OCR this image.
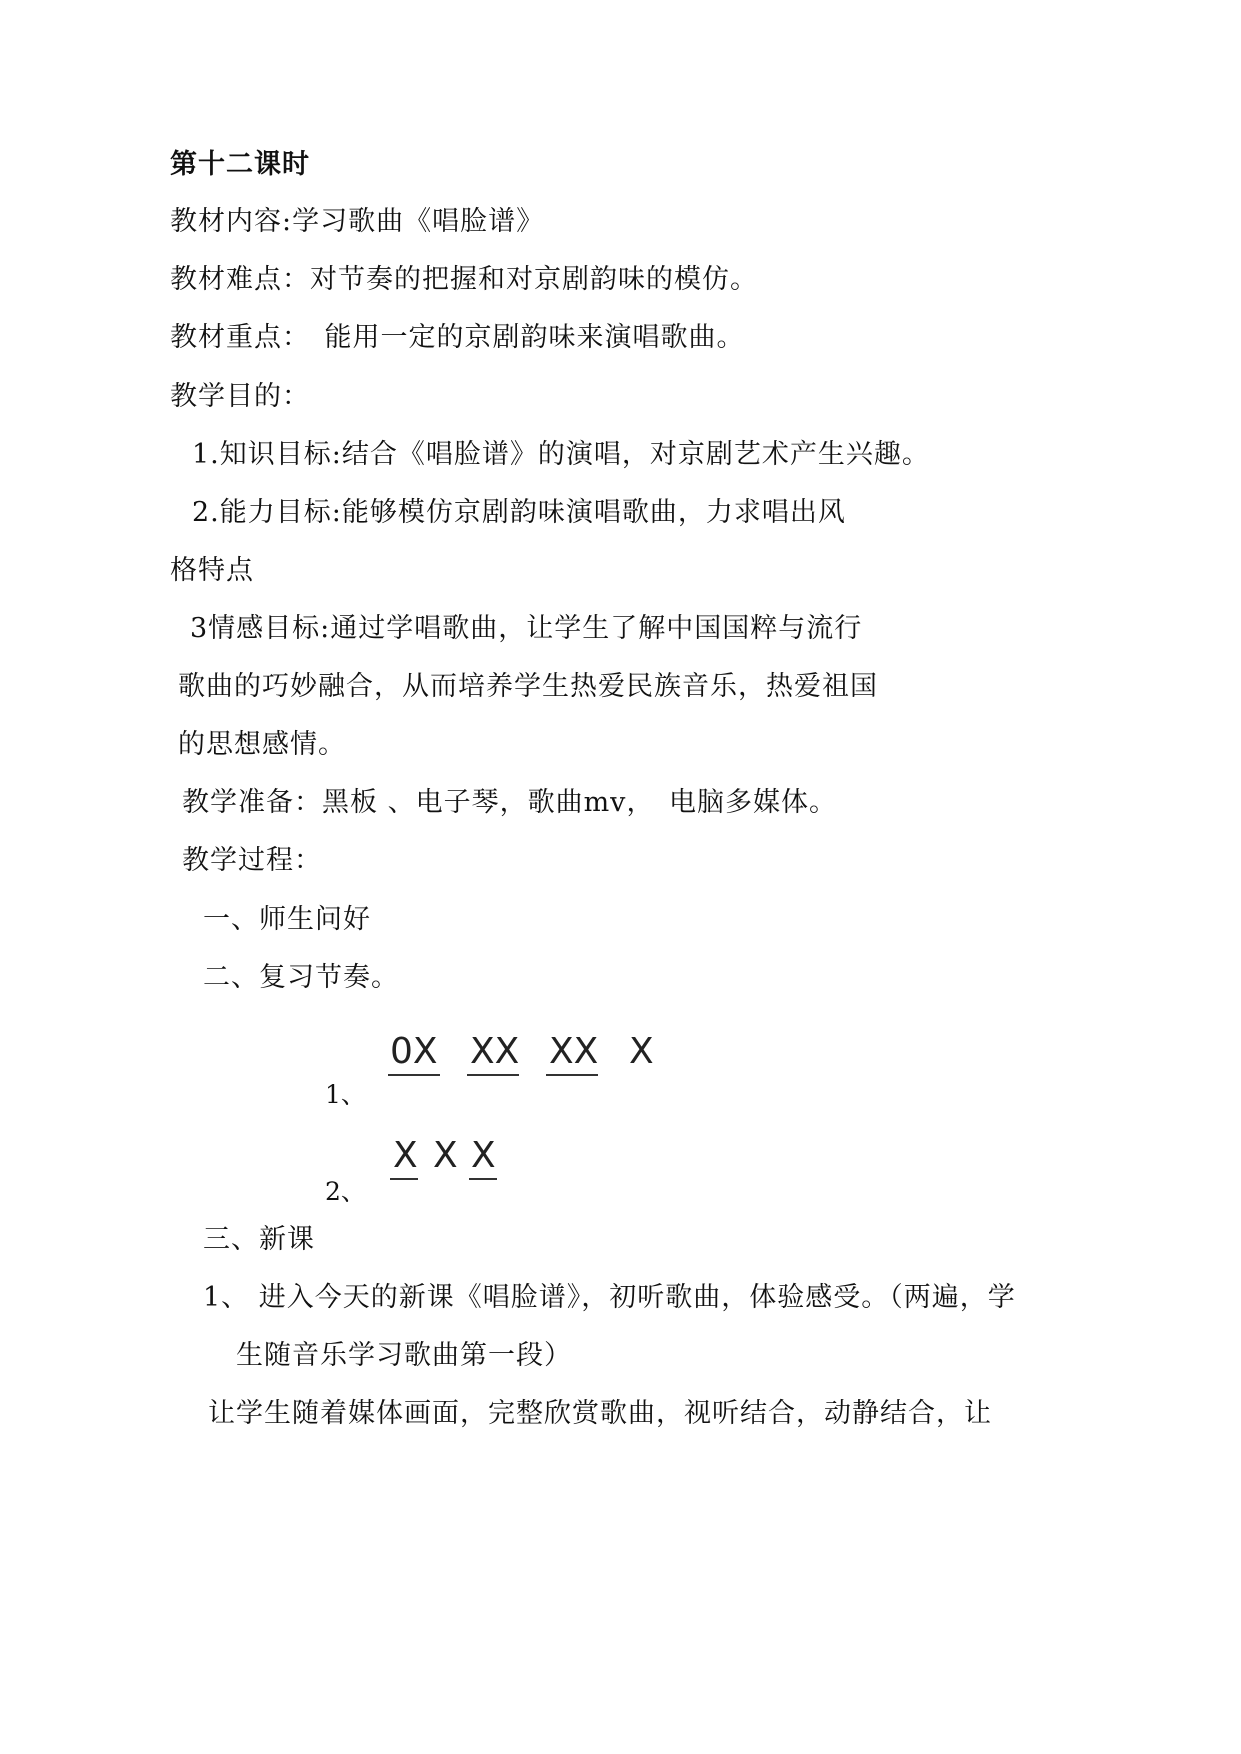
第十二课时
教材内容:学习歌曲《唱脸谱》
教材难点：对节奏的把握和对京剧韵味的模仿。
教材重点：　能用一定的京剧韵味来演唱歌曲。
教学目的：
1.知识目标:结合《唱脸谱》的演唱，对京剧艺术产生兴趣。
2.能力目标:能够模仿京剧韵味演唱歌曲，力求唱出风
格特点
3情感目标:通过学唱歌曲，让学生了解中国国粹与流行
歌曲的巧妙融合，从而培养学生热爱民族音乐，热爱祖国
的思想感情。
教学准备：黑板 、电子琴，歌曲mv，　电脑多媒体。
教学过程：
一、师生问好
二、复习节奏。
0X XX XX X
1、
X X X
2、
三、新课
1、 进入今天的新课《唱脸谱》，初听歌曲，体验感受。（两遍，学
生随音乐学习歌曲第一段）
让学生随着媒体画面，完整欣赏歌曲，视听结合，动静结合，让
